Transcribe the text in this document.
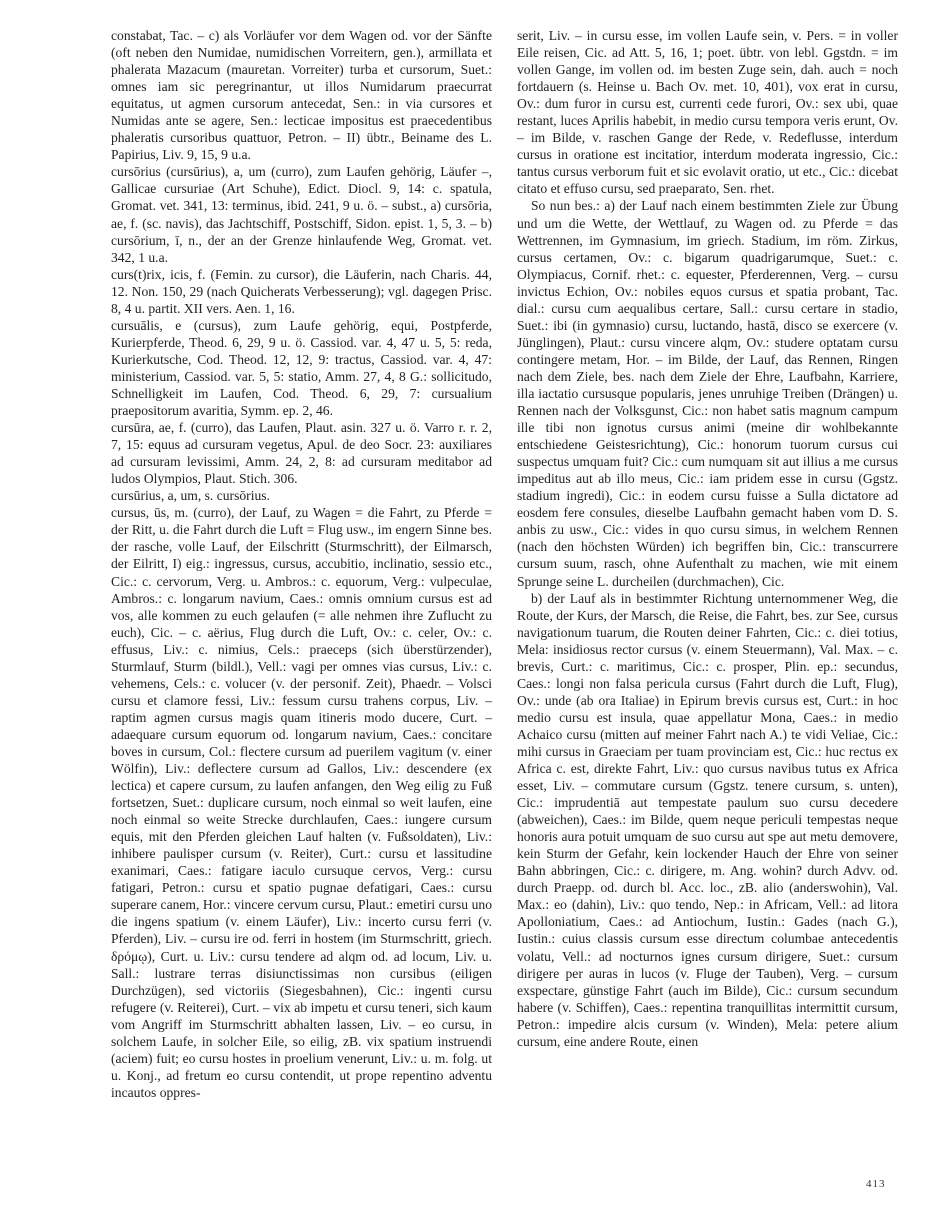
constabat, Tac. – c) als Vorläufer vor dem Wagen od. vor der Sänfte (oft neben den Numidae, numidischen Vorreitern, gen.), armillata et phalerata Mazacum (mauretan. Vorreiter) turba et cursorum, Suet.: omnes iam sic peregrinantur, ut illos Numidarum praecurrat equitatus, ut agmen cursorum antecedat, Sen.: in via cursores et Numidas ante se agere, Sen.: lecticae impositus est praecedentibus phaleratis cursoribus quattuor, Petron. – II) übtr., Beiname des L. Papirius, Liv. 9, 15, 9 u.a.

cursōrius (cursūrius), a, um (curro), zum Laufen gehörig, Läufer –, Gallicae cursuriae (Art Schuhe), Edict. Diocl. 9, 14: c. spatula, Gromat. vet. 341, 13: terminus, ibid. 241, 9 u. ö. – subst., a) cursōria, ae, f. (sc. navis), das Jachtschiff, Postschiff, Sidon. epist. 1, 5, 3. – b) cursōrium, ī, n., der an der Grenze hinlaufende Weg, Gromat. vet. 342, 1 u.a.

curs(t)rix, icis, f. (Femin. zu cursor), die Läuferin, nach Charis. 44, 12. Non. 150, 29 (nach Quicherats Verbesserung); vgl. dagegen Prisc. 8, 4 u. partit. XII vers. Aen. 1, 16.

cursuālis, e (cursus), zum Laufe gehörig, equi, Postpferde, Kurierpferde, Theod. 6, 29, 9 u. ö. Cassiod. var. 4, 47 u. 5, 5: reda, Kurierkutsche, Cod. Theod. 12, 12, 9: tractus, Cassiod. var. 4, 47: ministerium, Cassiod. var. 5, 5: statio, Amm. 27, 4, 8 G.: sollicitudo, Schnelligkeit im Laufen, Cod. Theod. 6, 29, 7: cursualium praepositorum avaritia, Symm. ep. 2, 46.

cursūra, ae, f. (curro), das Laufen, Plaut. asin. 327 u. ö. Varro r. r. 2, 7, 15: equus ad cursuram vegetus, Apul. de deo Socr. 23: auxiliares ad cursuram levissimi, Amm. 24, 2, 8: ad cursuram meditabor ad ludos Olympios, Plaut. Stich. 306.

cursūrius, a, um, s. cursōrius.

cursus, ūs, m. (curro), der Lauf, zu Wagen = die Fahrt, zu Pferde = der Ritt, u. die Fahrt durch die Luft = Flug usw., im engern Sinne bes. der rasche, volle Lauf, der Eilschritt (Sturmschritt), der Eilmarsch, der Eilritt, I) eig.: ingressus, cursus, accubitio, inclinatio, sessio etc., Cic.: c. cervorum, Verg. u. Ambros.: c. equorum, Verg.: vulpeculae, Ambros.: c. longarum navium, Caes.: omnis omnium cursus est ad vos, alle kommen zu euch gelaufen (= alle nehmen ihre Zuflucht zu euch), Cic. – c. aërius, Flug durch die Luft, Ov.: c. celer, Ov.: c. effusus, Liv.: c. nimius, Cels.: praeceps (sich überstürzender), Sturmlauf, Sturm (bildl.), Vell.: vagi per omnes vias cursus, Liv.: c. vehemens, Cels.: c. volucer (v. der personif. Zeit), Phaedr. – Volsci cursu et clamore fessi, Liv.: fessum cursu trahens corpus, Liv. – raptim agmen cursus magis quam itineris modo ducere, Curt. – adaequare cursum equorum od. longarum navium, Caes.: concitare boves in cursum, Col.: flectere cursum ad puerilem vagitum (v. einer Wölfin), Liv.: deflectere cursum ad Gallos, Liv.: descendere (ex lectica) et capere cursum, zu laufen anfangen, den Weg eilig zu Fuß fortsetzen, Suet.: duplicare cursum, noch einmal so weit laufen, eine noch einmal so weite Strecke durchlaufen, Caes.: iungere cursum equis, mit den Pferden gleichen Lauf halten (v. Fußsoldaten), Liv.: inhibere paulisper cursum (v. Reiter), Curt.: cursu et lassitudine exanimari, Caes.: fatigare iaculo cursuque cervos, Verg.: cursu fatigari, Petron.: cursu et spatio pugnae defatigari, Caes.: cursu superare canem, Hor.: vincere cervum cursu, Plaut.: emetiri cursu uno die ingens spatium (v. einem Läufer), Liv.: incerto cursu ferri (v. Pferden), Liv. – cursu ire od. ferri in hostem (im Sturmschritt, griech. δρόμῳ), Curt. u. Liv.: cursu tendere ad alqm od. ad locum, Liv. u. Sall.: lustrare terras disiunctissimas non cursibus (eiligen Durchzügen), sed victoriis (Siegesbahnen), Cic.: ingenti cursu refugere (v. Reiterei), Curt. – vix ab impetu et cursu teneri, sich kaum vom Angriff im Sturmschritt abhalten lassen, Liv. – eo cursu, in solchem Laufe, in solcher Eile, so eilig, zB. vix spatium instruendi (aciem) fuit; eo cursu hostes in proelium venerunt, Liv.: u. m. folg. ut u. Konj., ad fretum eo cursu contendit, ut prope repentino adventu incautos oppres-

serit, Liv. – in cursu esse, im vollen Laufe sein, v. Pers. = in voller Eile reisen, Cic. ad Att. 5, 16, 1; poet. übtr. von lebl. Ggstdn. = im vollen Gange, im vollen od. im besten Zuge sein, dah. auch = noch fortdauern (s. Heinse u. Bach Ov. met. 10, 401), vox erat in cursu, Ov.: dum furor in cursu est, currenti cede furori, Ov.: sex ubi, quae restant, luces Aprilis habebit, in medio cursu tempora veris erunt, Ov. – im Bilde, v. raschen Gange der Rede, v. Redeflusse, interdum cursus in oratione est incitatior, interdum moderata ingressio, Cic.: tantus cursus verborum fuit et sic evolavit oratio, ut etc., Cic.: dicebat citato et effuso cursu, sed praeparato, Sen. rhet.

So nun bes.: a) der Lauf nach einem bestimmten Ziele zur Übung und um die Wette, der Wettlauf, zu Wagen od. zu Pferde = das Wettrennen, im Gymnasium, im griech. Stadium, im röm. Zirkus, cursus certamen, Ov.: c. bigarum quadrigarumque, Suet.: c. Olympiacus, Cornif. rhet.: c. equester, Pferderennen, Verg. – cursu invictus Echion, Ov.: nobiles equos cursus et spatia probant, Tac. dial.: cursu cum aequalibus certare, Sall.: cursu certare in stadio, Suet.: ibi (in gymnasio) cursu, luctando, hastā, disco se exercere (v. Jünglingen), Plaut.: cursu vincere alqm, Ov.: studere optatam cursu contingere metam, Hor. – im Bilde, der Lauf, das Rennen, Ringen nach dem Ziele, bes. nach dem Ziele der Ehre, Laufbahn, Karriere, illa iactatio cursusque popularis, jenes unruhige Treiben (Drängen) u. Rennen nach der Volksgunst, Cic.: non habet satis magnum campum ille tibi non ignotus cursus animi (meine dir wohlbekannte entschiedene Geistesrichtung), Cic.: honorum tuorum cursus cui suspectus umquam fuit? Cic.: cum numquam sit aut illius a me cursus impeditus aut ab illo meus, Cic.: iam pridem esse in cursu (Ggstz. stadium ingredi), Cic.: in eodem cursu fuisse a Sulla dictatore ad eosdem fere consules, dieselbe Laufbahn gemacht haben vom D. S. anbis zu usw., Cic.: vides in quo cursu simus, in welchem Rennen (nach den höchsten Würden) ich begriffen bin, Cic.: transcurrere cursum suum, rasch, ohne Aufenthalt zu machen, wie mit einem Sprunge seine L. durcheilen (durchmachen), Cic.

b) der Lauf als in bestimmter Richtung unternommener Weg, die Route, der Kurs, der Marsch, die Reise, die Fahrt, bes. zur See, cursus navigationum tuarum, die Routen deiner Fahrten, Cic.: c. diei totius, Mela: insidiosus rector cursus (v. einem Steuermann), Val. Max. – c. brevis, Curt.: c. maritimus, Cic.: c. prosper, Plin. ep.: secundus, Caes.: longi non falsa pericula cursus (Fahrt durch die Luft, Flug), Ov.: unde (ab ora Italiae) in Epirum brevis cursus est, Curt.: in hoc medio cursu est insula, quae appellatur Mona, Caes.: in medio Achaico cursu (mitten auf meiner Fahrt nach A.) te vidi Veliae, Cic.: mihi cursus in Graeciam per tuam provinciam est, Cic.: huc rectus ex Africa c. est, direkte Fahrt, Liv.: quo cursus navibus tutus ex Africa esset, Liv. – commutare cursum (Ggstz. tenere cursum, s. unten), Cic.: imprudentiā aut tempestate paulum suo cursu decedere (abweichen), Caes.: im Bilde, quem neque periculi tempestas neque honoris aura potuit umquam de suo cursu aut spe aut metu demovere, kein Sturm der Gefahr, kein lockender Hauch der Ehre von seiner Bahn abbringen, Cic.: c. dirigere, m. Ang. wohin? durch Advv. od. durch Praepp. od. durch bl. Acc. loc., zB. alio (anderswohin), Val. Max.: eo (dahin), Liv.: quo tendo, Nep.: in Africam, Vell.: ad litora Apolloniatium, Caes.: ad Antiochum, Iustin.: Gades (nach G.), Iustin.: cuius classis cursum esse directum columbae antecedentis volatu, Vell.: ad nocturnos ignes cursum dirigere, Suet.: cursum dirigere per auras in lucos (v. Fluge der Tauben), Verg. – cursum exspectare, günstige Fahrt (auch im Bilde), Cic.: cursum secundum habere (v. Schiffen), Caes.: repentina tranquillitas intermittit cursum, Petron.: impedire alcis cursum (v. Winden), Mela: petere alium cursum, eine andere Route, einen

413
